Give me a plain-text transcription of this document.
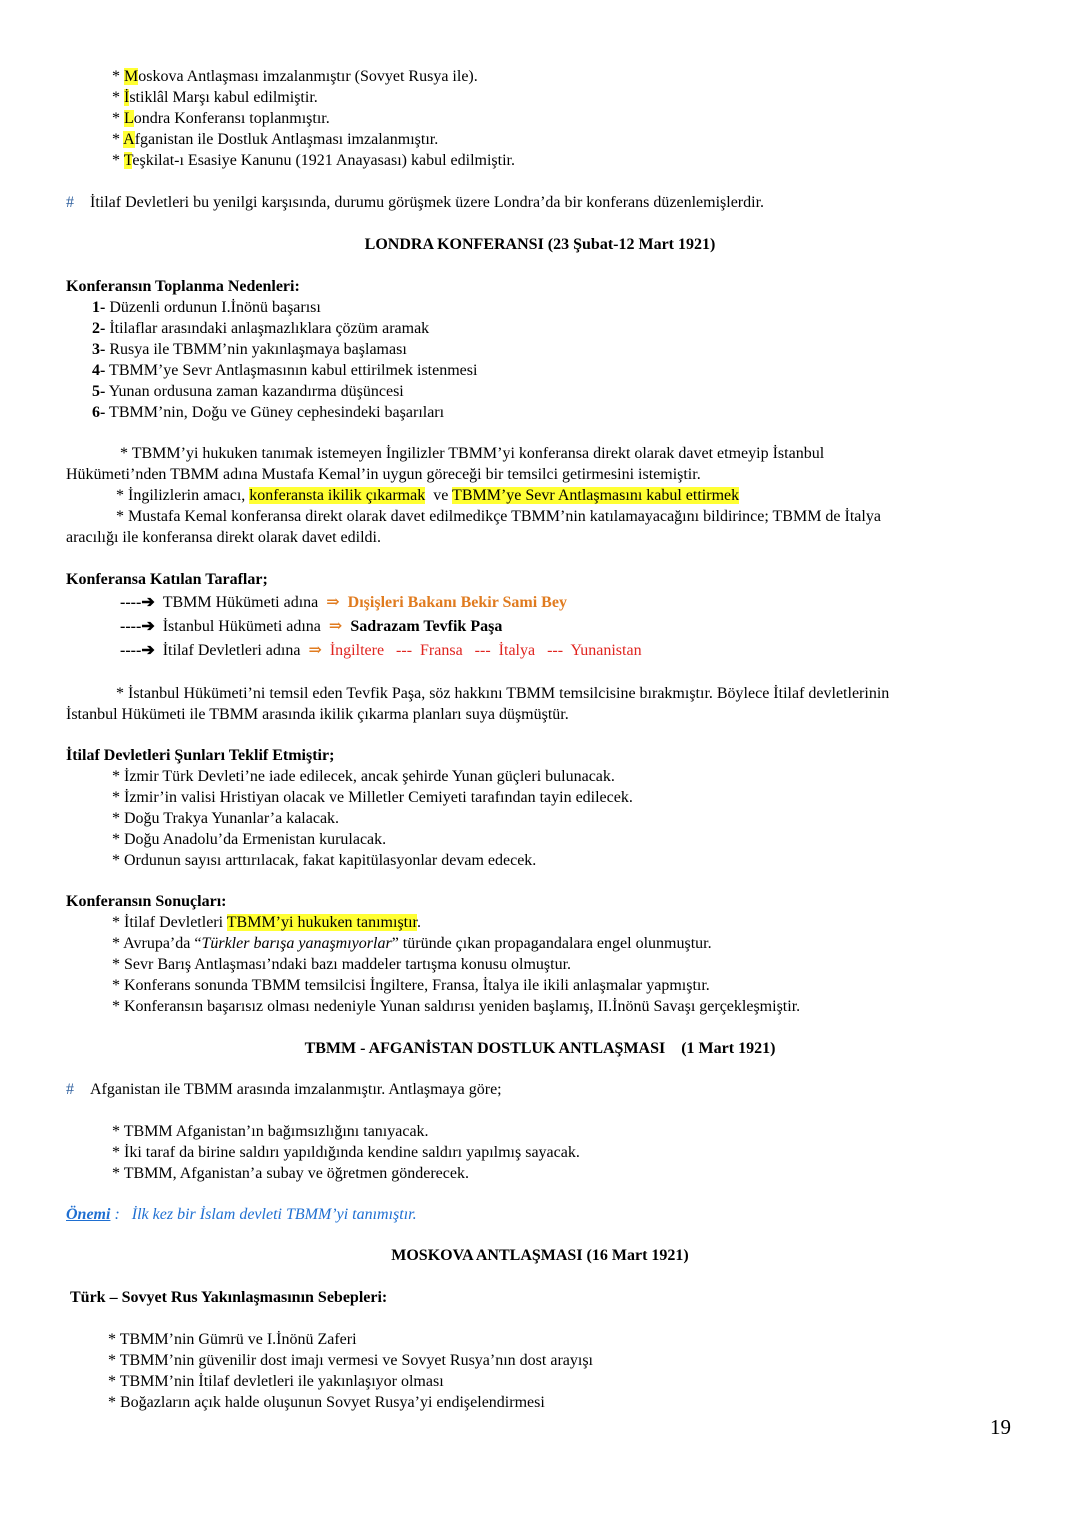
* Moskova Antlaşması imzalanmıştır (Sovyet Rusya ile).
* İstiklâl Marşı kabul edilmiştir.
* Londra Konferansı toplanmıştır.
* Afganistan ile Dostluk Antlaşması imzalanmıştır.
* Teşkilat-ı Esasiye Kanunu (1921 Anayasası) kabul edilmiştir.
# İtilaf Devletleri bu yenilgi karşısında, durumu görüşmek üzere Londra’da bir konferans düzenlemişlerdir.
LONDRA KONFERANSI (23 Şubat-12 Mart 1921)
Konferansın Toplanma Nedenleri:
1- Düzenli ordunun I.İnönü başarısı
2- İtilaflar arasındaki anlaşmazlıklara çözüm aramak
3- Rusya ile TBMM’nin yakınlaşmaya başlaması
4- TBMM’ye Sevr Antlaşmasının kabul ettirilmek istenmesi
5- Yunan ordusuna zaman kazandırma düşüncesi
6- TBMM’nin, Doğu ve Güney cephesindeki başarıları
* TBMM’yi hukuken tanımak istemeyen İngilizler TBMM’yi konferansa direkt olarak davet etmeyip İstanbul
Hükümeti’nden TBMM adına Mustafa Kemal’in uygun göreceği bir temsilci getirmesini istemiştir.
* İngilizlerin amacı, konferansta ikilik çıkarmak ve TBMM’ye Sevr Antlaşmasını kabul ettirmek
* Mustafa Kemal konferansa direkt olarak davet edilmedikçe TBMM’nin katılamayacağını bildirince; TBMM de İtalya
aracılığı ile konferansa direkt olarak davet edildi.
Konferansa Katılan Taraflar;
----➔ TBMM Hükümeti adına ⇒ Dışişleri Bakanı Bekir Sami Bey
----➔ İstanbul Hükümeti adına ⇒ Sadrazam Tevfik Paşa
----➔ İtilaf Devletleri adına ⇒ İngiltere   ---  Fransa   ---  İtalya   ---  Yunanistan
* İstanbul Hükümeti’ni temsil eden Tevfik Paşa, söz hakkını TBMM temsilcisine bırakmıştır. Böylece İtilaf devletlerinin
İstanbul Hükümeti ile TBMM arasında ikilik çıkarma planları suya düşmüştür.
İtilaf Devletleri Şunları Teklif Etmiştir;
* İzmir Türk Devleti’ne iade edilecek, ancak şehirde Yunan güçleri bulunacak.
* İzmir’in valisi Hristiyan olacak ve Milletler Cemiyeti tarafından tayin edilecek.
* Doğu Trakya Yunanlar’a kalacak.
* Doğu Anadolu’da Ermenistan kurulacak.
* Ordunun sayısı arttırılacak, fakat kapitülasyonlar devam edecek.
Konferansın Sonuçları:
* İtilaf Devletleri TBMM’yi hukuken tanımıştır.
* Avrupa’da “Türkler barışa yanaşmıyorlar” türünde çıkan propagandalara engel olunmuştur.
* Sevr Barış Antlaşması’ndaki bazı maddeler tartışma konusu olmuştur.
* Konferans sonunda TBMM temsilcisi İngiltere, Fransa, İtalya ile ikili anlaşmalar yapmıştır.
* Konferansın başarısız olması nedeniyle Yunan saldırısı yeniden başlamış, II.İnönü Savaşı gerçekleşmiştir.
TBMM - AFGANİSTAN DOSTLUK ANTLAŞMASI    (1 Mart 1921)
# Afganistan ile TBMM arasında imzalanmıştır. Antlaşmaya göre;
* TBMM Afganistan’ın bağımsızlığını tanıyacak.
* İki taraf da birine saldırı yapıldığında kendine saldırı yapılmış sayacak.
* TBMM, Afganistan’a subay ve öğretmen gönderecek.
Önemi : İlk kez bir İslam devleti TBMM’yi tanımıştır.
MOSKOVA ANTLAŞMASI (16 Mart 1921)
Türk – Sovyet Rus Yakınlaşmasının Sebepleri:
* TBMM’nin Gümrü ve I.İnönü Zaferi
* TBMM’nin güvenilir dost imajı vermesi ve Sovyet Rusya’nın dost arayışı
* TBMM’nin İtilaf devletleri ile yakınlaşıyor olması
* Boğazların açık halde oluşunun Sovyet Rusya’yi endişelendirmesi
19
